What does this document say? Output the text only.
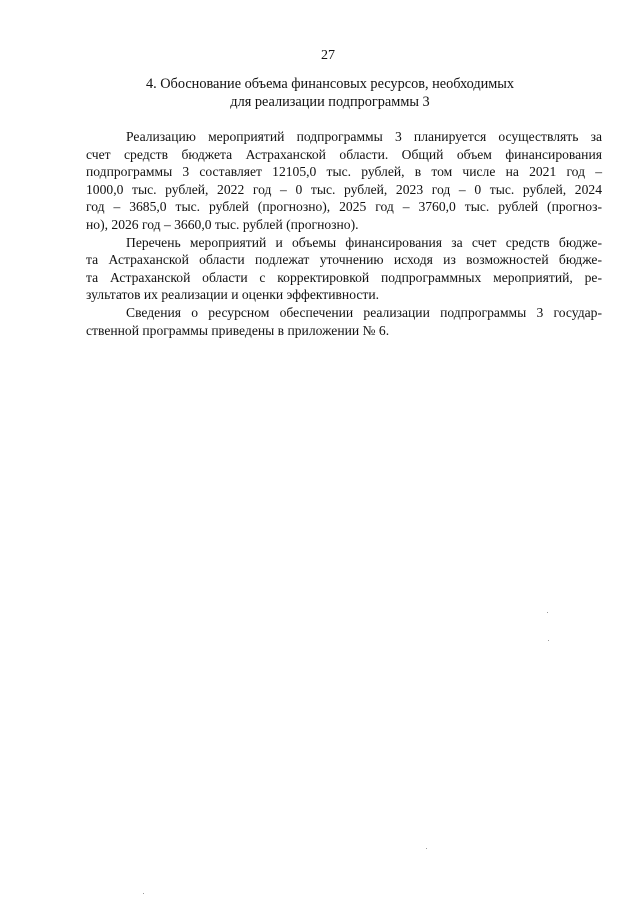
27
4. Обоснование объема финансовых ресурсов, необходимых
для реализации подпрограммы 3

Реализацию мероприятий подпрограммы 3 планируется осуществлять за
счет средств бюджета Астраханской области. Общий объем финансирования
подпрограммы 3 составляет 12105,0 тыс. рублей, в том числе на 2021 год –
1000,0 тыс. рублей, 2022 год – 0 тыс. рублей, 2023 год – 0 тыс. рублей, 2024
год – 3685,0 тыс. рублей (прогнозно), 2025 год – 3760,0 тыс. рублей (прогнoз-
но), 2026 год – 3660,0 тыс. рублей (прогнозно).

Перечень мероприятий и объемы финансирования за счет средств бюдже-
та Астраханской области подлежат уточнению исходя из возможностей бюдже-
та Астраханской области с корректировкой подпрограммных мероприятий, ре-
зультатов их реализации и оценки эффективности.

Сведения о ресурсном обеспечении реализации подпрограммы 3 государ-
ственной программы приведены в приложении № 6.
